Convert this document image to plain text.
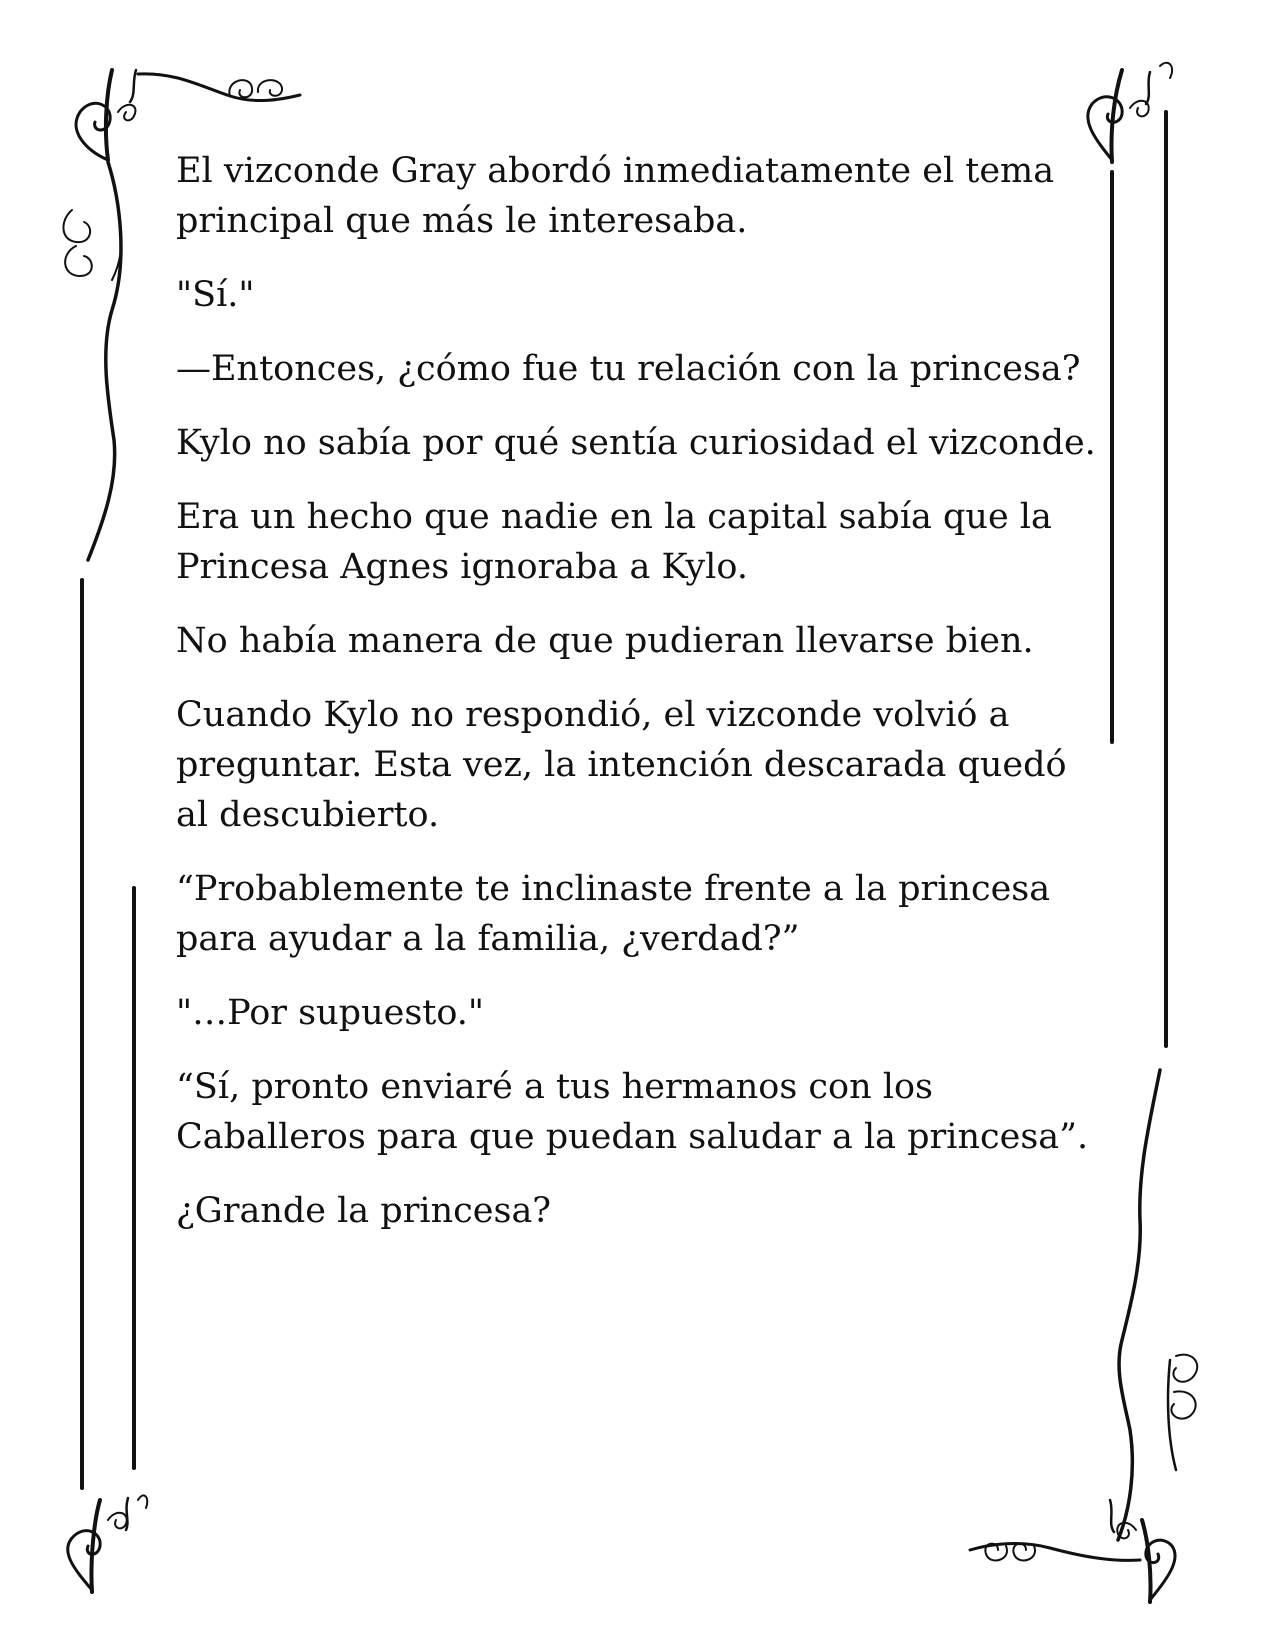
El vizconde Gray abordó inmediatamente el tema principal que más le interesaba.

"Sí."

—Entonces, ¿cómo fue tu relación con la princesa?

Kylo no sabía por qué sentía curiosidad el vizconde.

Era un hecho que nadie en la capital sabía que la Princesa Agnes ignoraba a Kylo.

No había manera de que pudieran llevarse bien.

Cuando Kylo no respondió, el vizconde volvió a preguntar. Esta vez, la intención descarada quedó al descubierto.

“Probablemente te inclinaste frente a la princesa para ayudar a la familia, ¿verdad?”

"…Por supuesto."

“Sí, pronto enviaré a tus hermanos con los Caballeros para que puedan saludar a la princesa”.

¿Grande la princesa?
